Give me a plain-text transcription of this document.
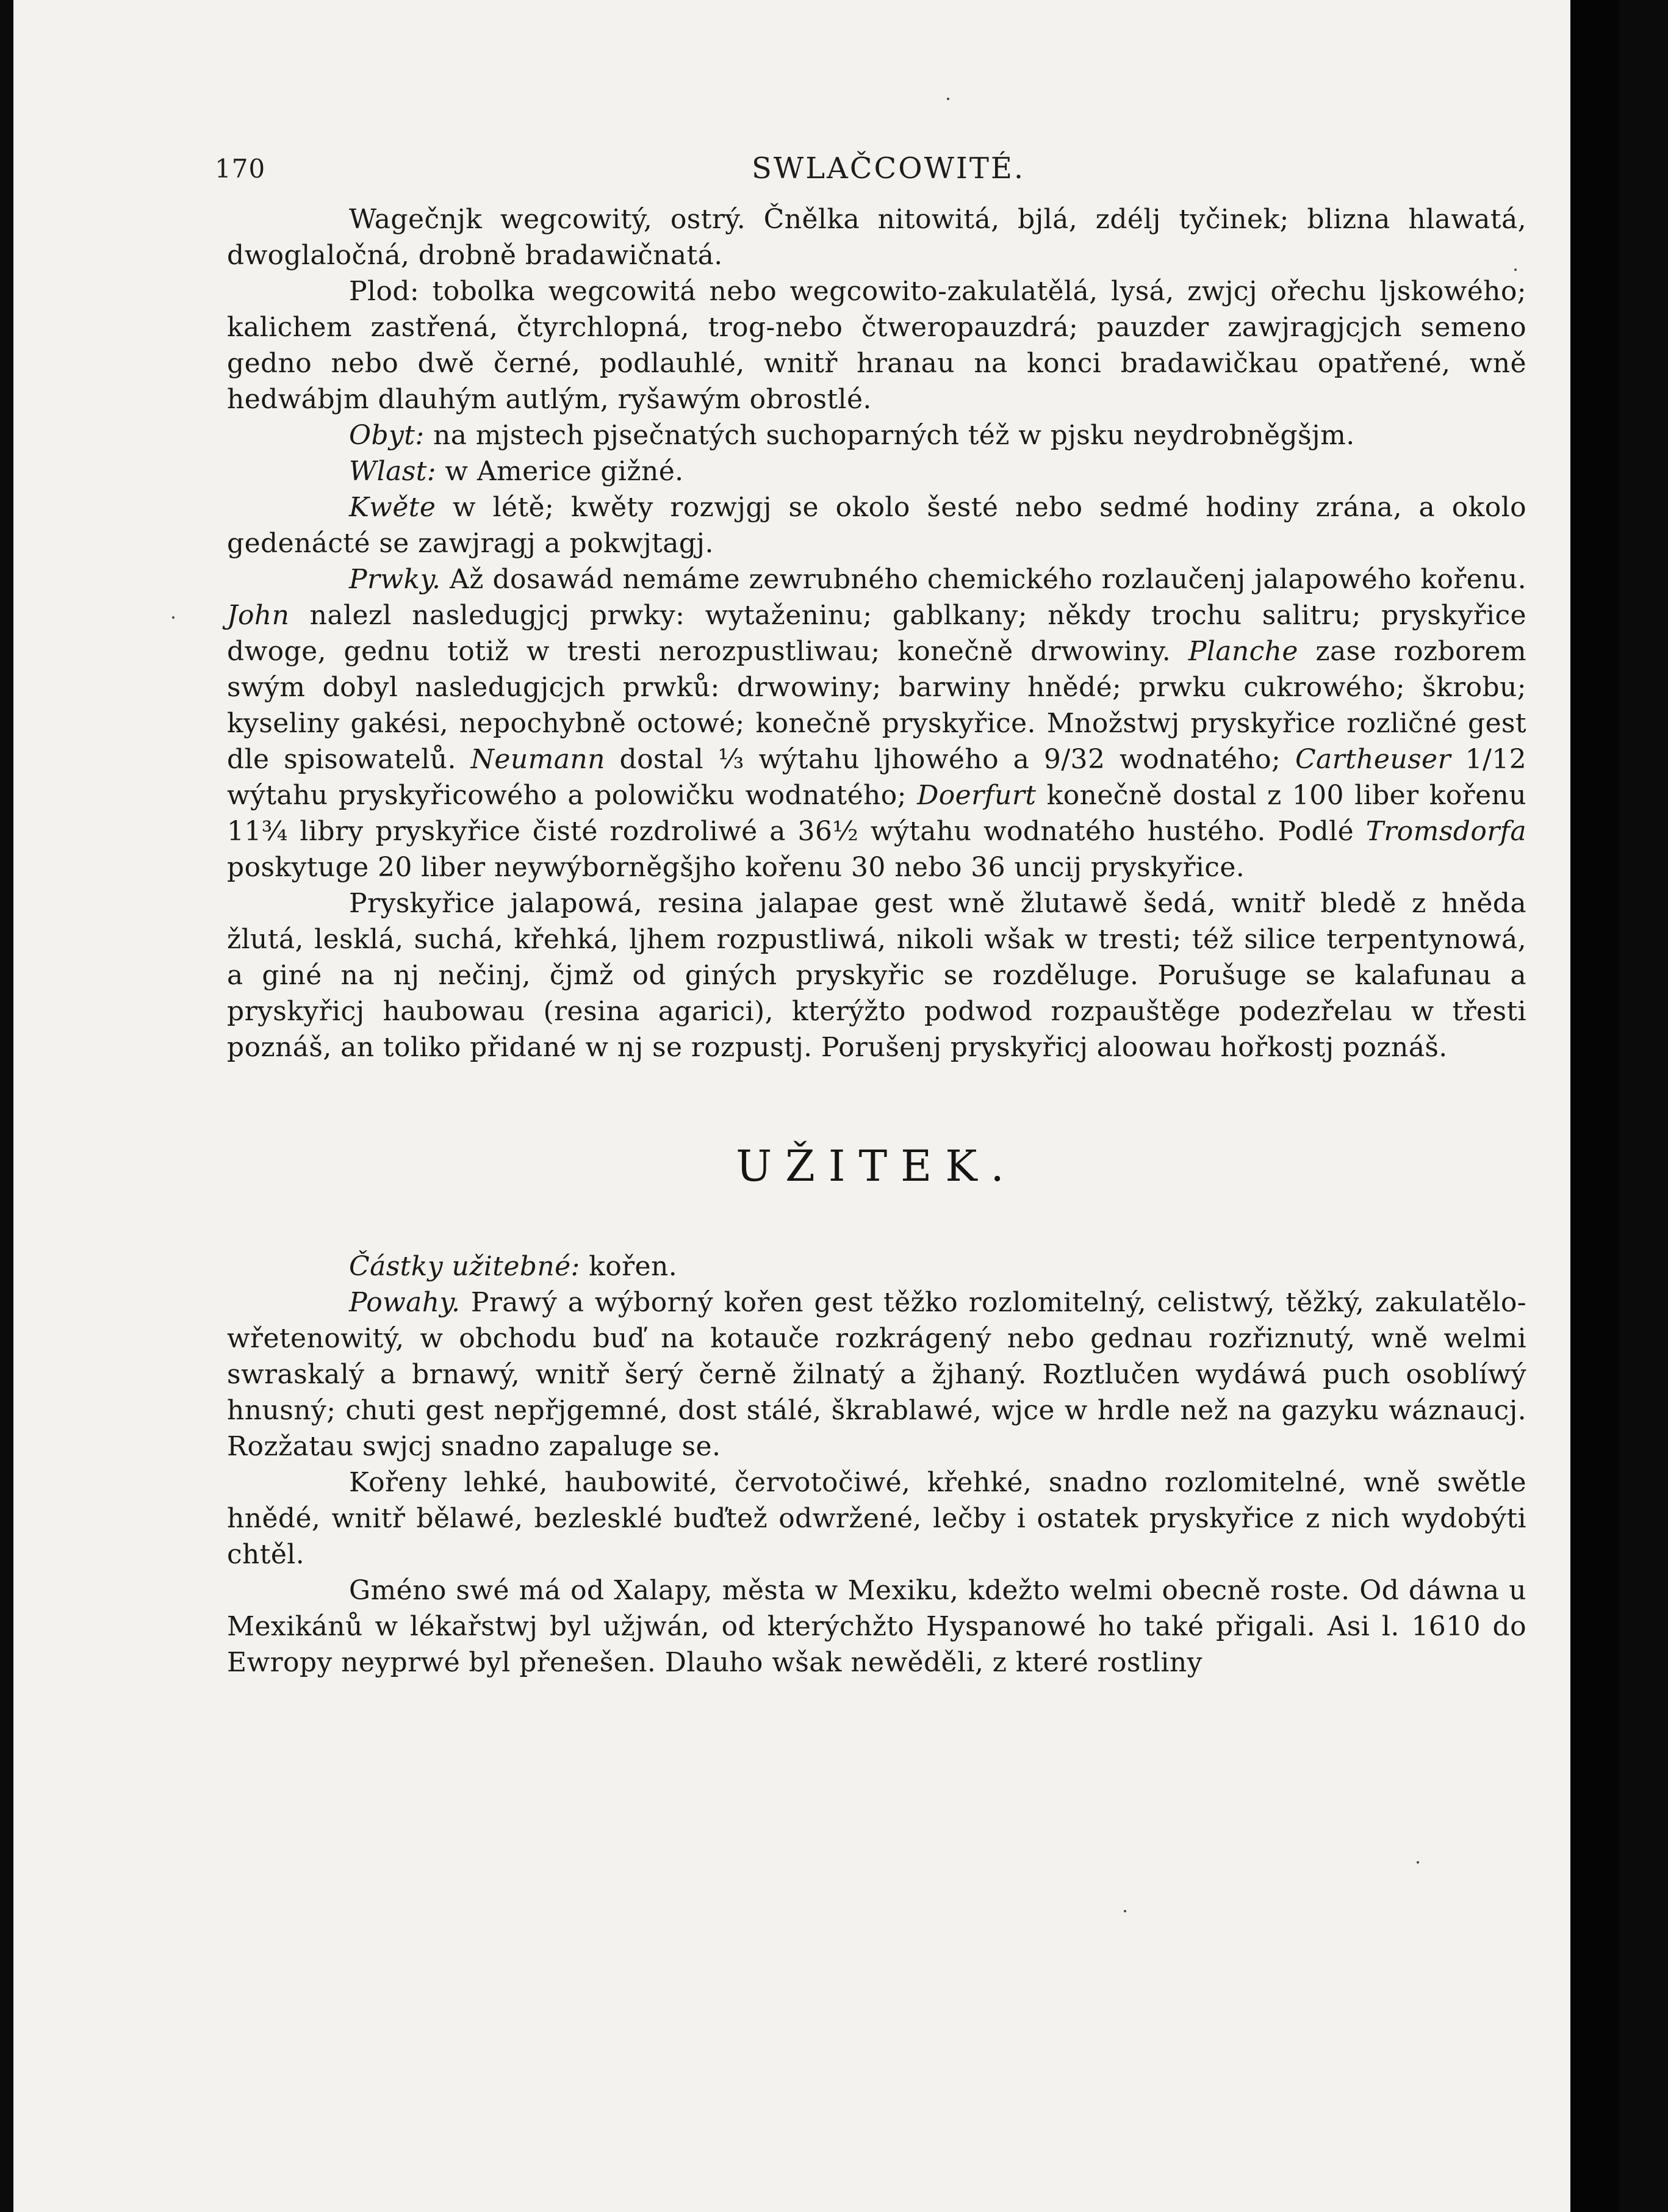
170	SWLAČCOWITÉ.

Wagečnjk wegcowitý, ostrý. Čnělka nitowitá, bjlá, zdélj tyčinek; blizna hlawatá, dwoglaločná, drobně bradawičnatá.

Plod: tobolka wegcowitá nebo wegcowito-zakulatělá, lysá, zwjcj ořechu ljskowého; kalichem zastřená, čtyrchlopná, trog-nebo čtweropauzdrá; pauzder zawjragjcjch semeno gedno nebo dwě černé, podlauhlé, wnitř hranau na konci bradawičkau opatřené, wně hedwábjm dlauhým autlým, ryšawým obrostlé.

Obyt: na mjstech pjsečnatých suchoparných též w pjsku neydrobněgšjm.

Wlast: w Americe gižné.

Kwěte w létě; kwěty rozwjgj se okolo šesté nebo sedmé hodiny zrána, a okolo gedenácté se zawjragj a pokwjtagj.

Prwky. Až dosawád nemáme zewrubného chemického rozlaučenj jalapowého kořenu. John nalezl nasledugjcj prwky: wytaženinu; gablkany; někdy trochu salitru; pryskyřice dwoge, gednu totiž w tresti nerozpustliwau; konečně drwowiny. Planche zase rozborem swým dobyl nasledugjcjch prwků: drwowiny; barwiny hnědé; prwku cukrowého; škrobu; kyseliny gakési, nepochybně octowé; konečně pryskyřice. Množstwj pryskyřice rozličné gest dle spisowatelů. Neumann dostal ⅓ wýtahu ljhowého a 9/32 wodnatého; Cartheuser 1/12 wýtahu pryskyřicowého a polowičku wodnatého; Doerfurt konečně dostal z 100 liber kořenu 11¾ libry pryskyřice čisté rozdroliwé a 36½ wýtahu wodnatého hustého. Podlé Tromsdorfa poskytuge 20 liber neywýborněgšjho kořenu 30 nebo 36 uncij pryskyřice.

Pryskyřice jalapowá, resina jalapae gest wně žlutawě šedá, wnitř bledě z hněda žlutá, lesklá, suchá, křehká, ljhem rozpustliwá, nikoli wšak w tresti; též silice terpentynowá, a giné na nj nečinj, čjmž od giných pryskyřic se rozděluge. Porušuge se kalafunau a pryskyřicj haubowau (resina agarici), kterýžto podwod rozpauštěge podezřelau w třesti poznáš, an toliko přidané w nj se rozpustj. Porušenj pryskyřicj aloowau hořkostj poznáš.

UŽITEK.

Částky užitebné: kořen.

Powahy. Prawý a wýborný kořen gest těžko rozlomitelný, celistwý, těžký, zakulatělo-wřetenowitý, w obchodu buď na kotauče rozkrágený nebo gednau rozřiznutý, wně welmi swraskalý a brnawý, wnitř šerý černě žilnatý a žjhaný. Roztlučen wydáwá puch osoblíwý hnusný; chuti gest nepřjgemné, dost stálé, škrablawé, wjce w hrdle než na gazyku wáznaucj. Rozžatau swjcj snadno zapaluge se.

Kořeny lehké, haubowité, červotočiwé, křehké, snadno rozlomitelné, wně swětle hnědé, wnitř bělawé, bezlesklé buďtež odwržené, lečby i ostatek pryskyřice z nich wydobýti chtěl.

Gméno swé má od Xalapy, města w Mexiku, kdežto welmi obecně roste. Od dáwna u Mexikánů w lékařstwj byl užjwán, od kterýchžto Hyspanowé ho také přigali. Asi l. 1610 do Ewropy neyprwé byl přenešen. Dlauho wšak newěděli, z které rostliny
